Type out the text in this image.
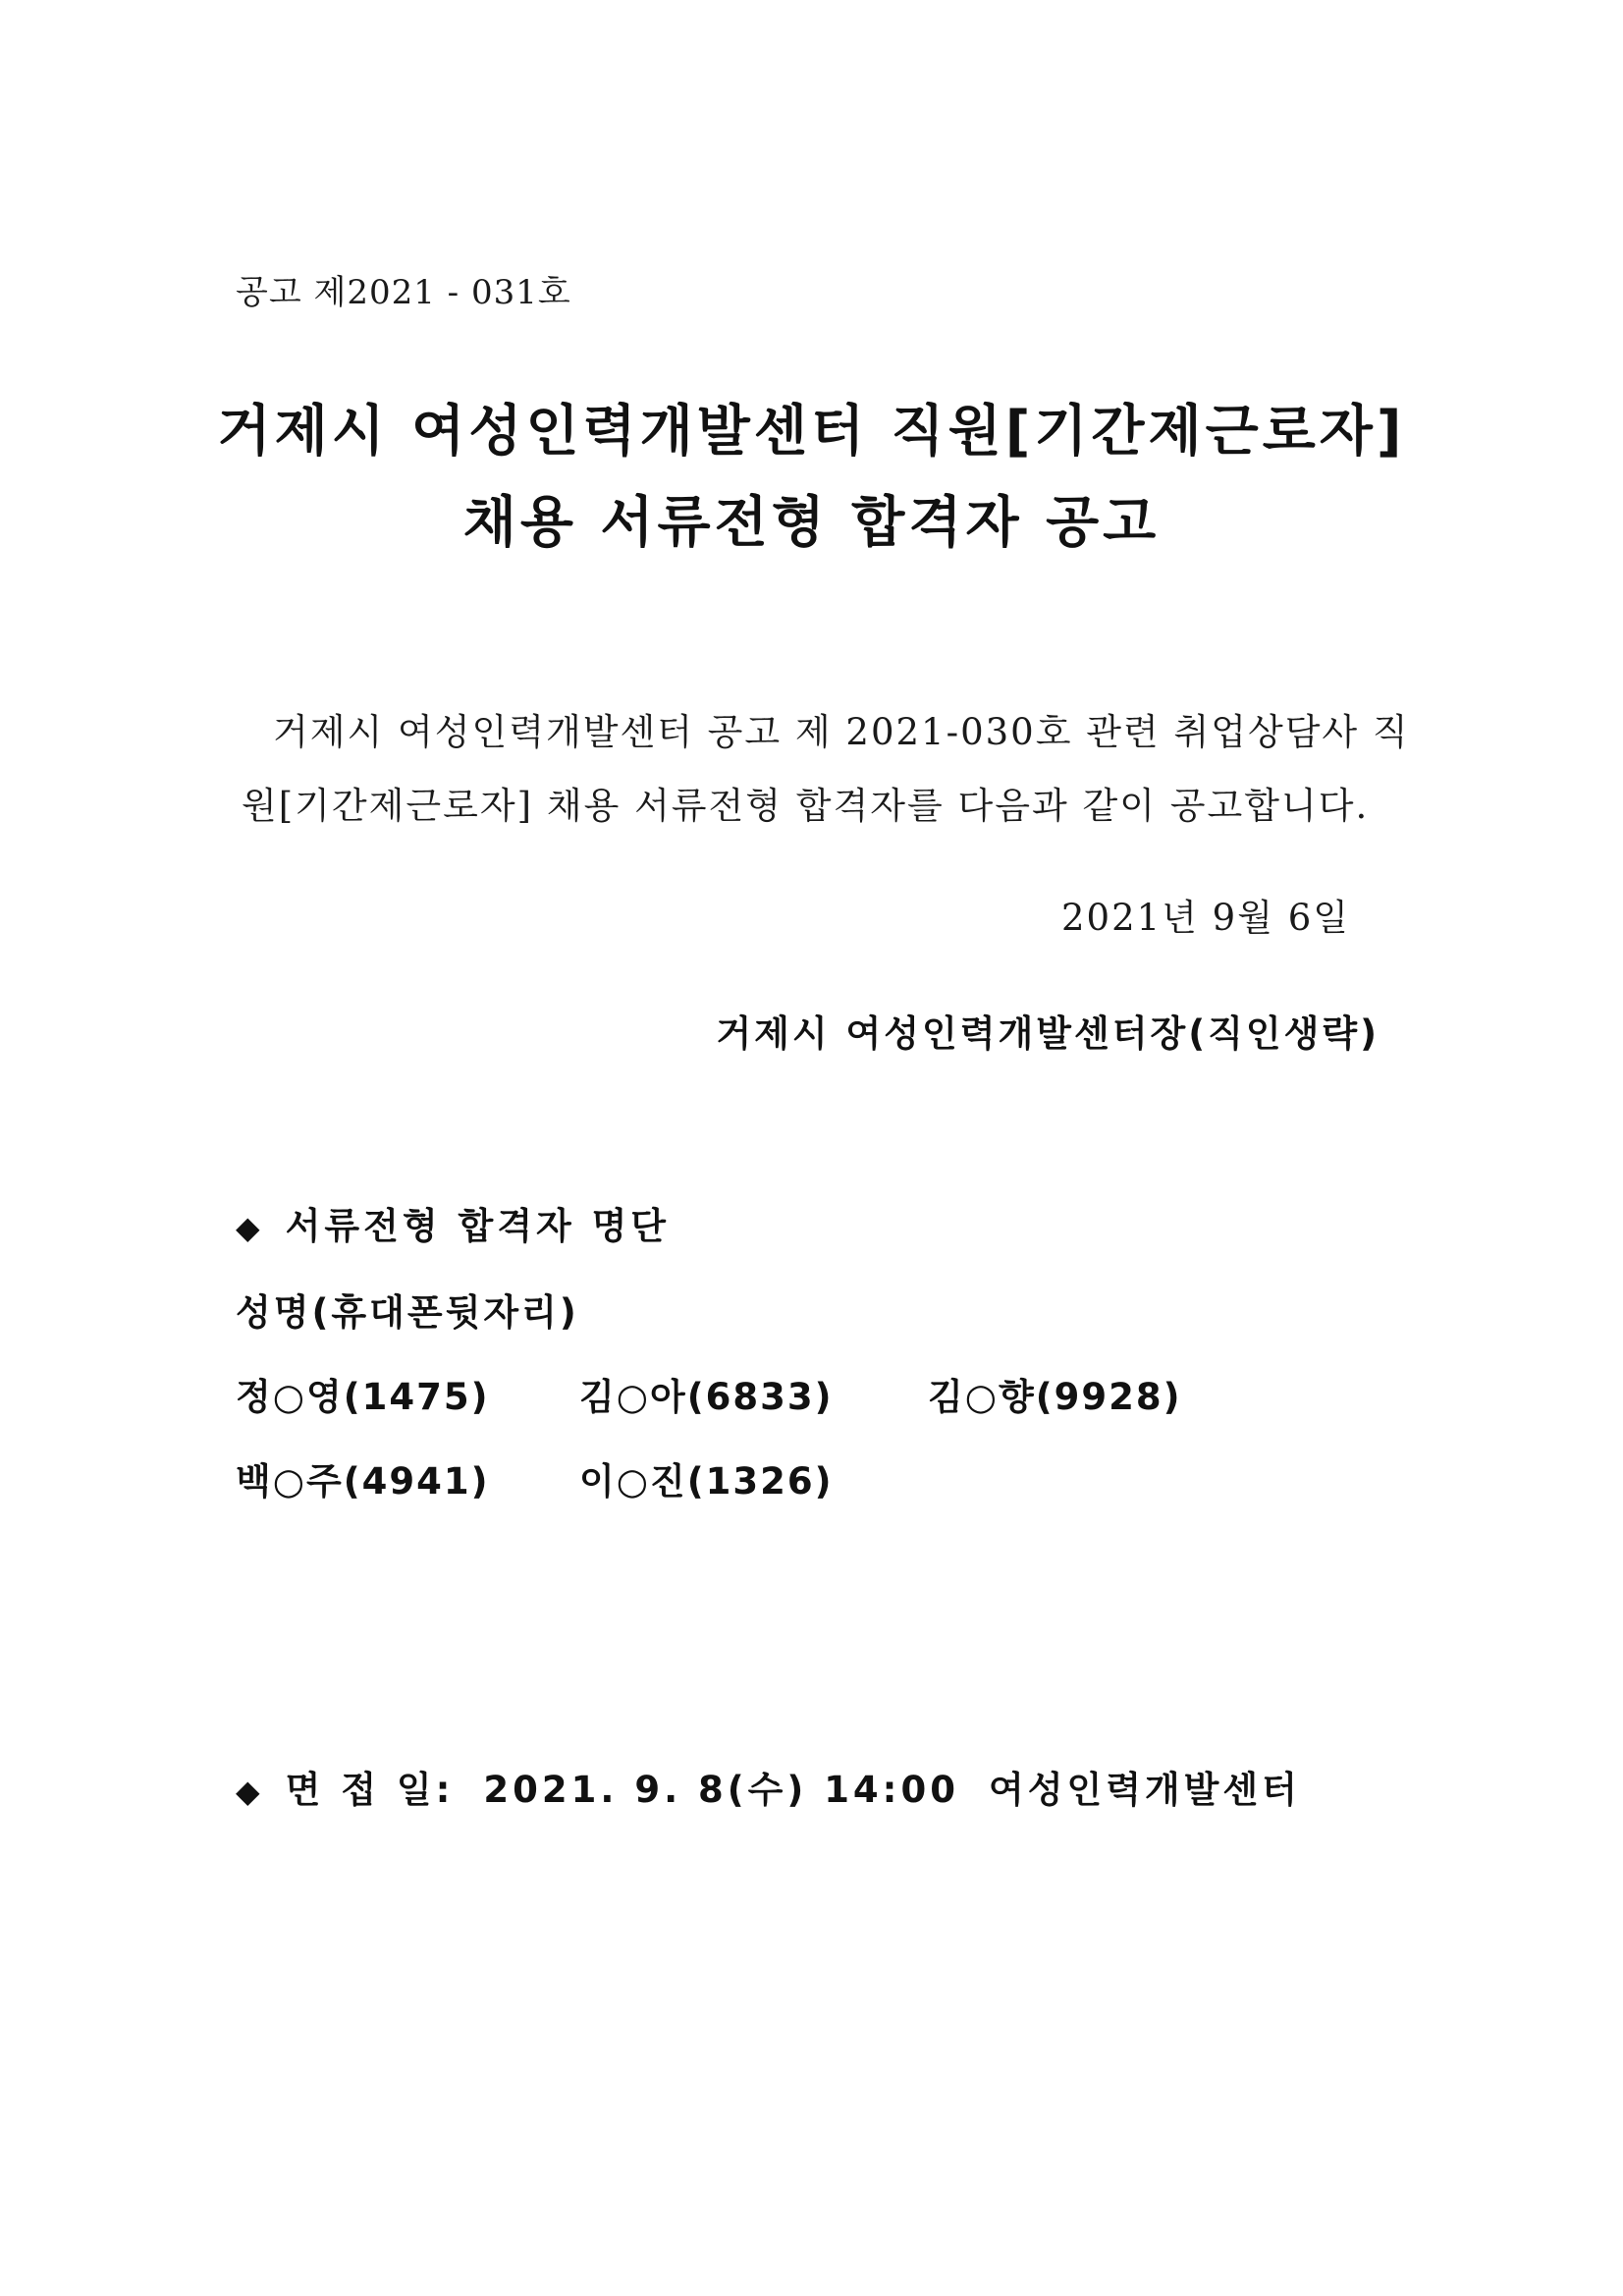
공고 제2021 - 031호
거제시 여성인력개발센터 직원[기간제근로자]
채용 서류전형 합격자 공고
거제시 여성인력개발센터 공고 제 2021-030호 관련 취업상담사 직
원[기간제근로자] 채용 서류전형 합격자를 다음과 같이 공고합니다.
2021년 9월 6일
거제시 여성인력개발센터장(직인생략)
◆ 서류전형 합격자 명단
성명(휴대폰뒷자리)
정○영(1475) 김○아(6833)	김○향(9928)
백○주(4941) 이○진(1326)
◆ 면 접 일: 2021. 9. 8(수) 14:00 여성인력개발센터
